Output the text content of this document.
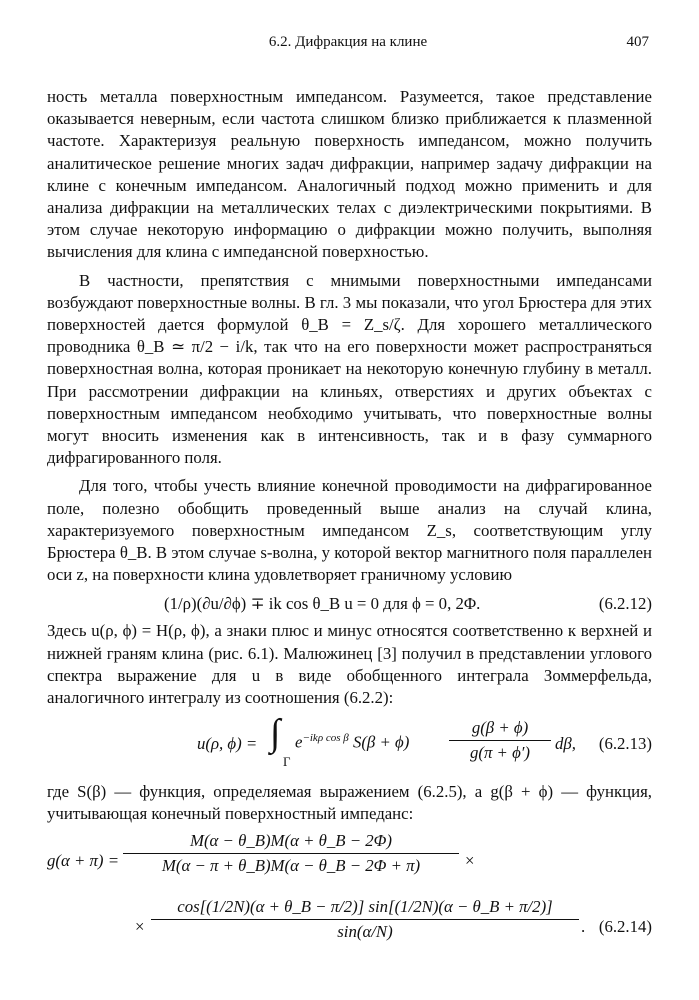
6.2. Дифракция на клине	407

ность металла поверхностным импедансом. Разумеется, такое представление оказывается неверным, если частота слишком близко приближается к плазменной частоте. Характеризуя реальную поверхность импедансом, можно получить аналитическое решение многих задач дифракции, например задачу дифракции на клине с конечным импедансом. Аналогичный подход можно применить и для анализа дифракции на металлических телах с диэлектрическими покрытиями. В этом случае некоторую информацию о дифракции можно получить, выполняя вычисления для клина с импедансной поверхностью.

В частности, препятствия с мнимыми поверхностными импедансами возбуждают поверхностные волны. В гл. 3 мы показали, что угол Брюстера для этих поверхностей дается формулой θ_B = Z_s/ζ. Для хорошего металлического проводника θ_B ≃ π/2 − i/k, так что на его поверхности может распространяться поверхностная волна, которая проникает на некоторую конечную глубину в металл. При рассмотрении дифракции на клиньях, отверстиях и других объектах с поверхностным импедансом необходимо учитывать, что поверхностные волны могут вносить изменения как в интенсивность, так и в фазу суммарного дифрагированного поля.

Для того, чтобы учесть влияние конечной проводимости на дифрагированное поле, полезно обобщить проведенный выше анализ на случай клина, характеризуемого поверхностным импедансом Z_s, соответствующим углу Брюстера θ_B. В этом случае s-волна, у которой вектор магнитного поля параллелен оси z, на поверхности клина удовлетворяет граничному условию

(1/ρ)(∂u/∂ϕ) ∓ ik cos θ_B u = 0 для ϕ = 0, 2Φ.	(6.2.12)

Здесь u(ρ, ϕ) = H(ρ, ϕ), а знаки плюс и минус относятся соответственно к верхней и нижней граням клина (рис. 6.1). Малюжинец [3] получил в представлении углового спектра выражение для u в виде обобщенного интеграла Зоммерфельда, аналогичного интегралу из соотношения (6.2.2):

u(ρ, ϕ) = ∫
Γ
$e^{-ik\rho cos \beta}$ $S(\beta + \phi) \frac{g(\beta + \phi)}{g(\pi + \phi')} d\beta$, (6.2.13)

где S(β) — функция, определяемая выражением (6.2.5), а g(β + ϕ) — функция, учитывающая конечный поверхностный импеданс:

$g(\alpha + \pi) = \frac{M(\alpha - \theta\_B)M(\alpha + \theta\_B - 2\Phi)}{M(\alpha - \pi + \theta\_B)M(\alpha - \theta\_B - 2\Phi + \pi)}$ ×
× $\frac{\cos[(1/2N)(\alpha + \theta\_B - \pi/2)] \sin[(1/2N)(\alpha - \theta\_B + \pi/2)]}{\sin(\alpha/N)}$ . (6.2.14)
